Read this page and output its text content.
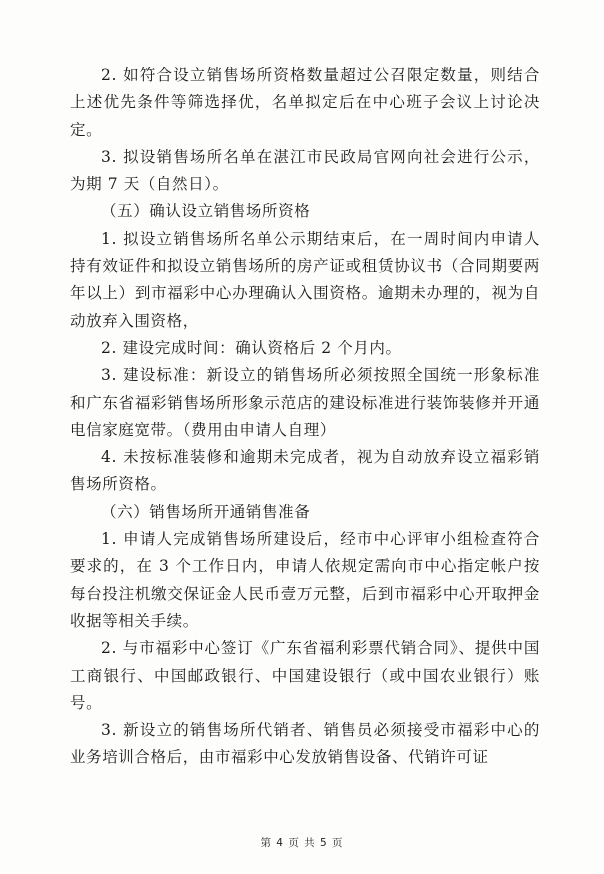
2. 如符合设立销售场所资格数量超过公召限定数量，则结合上述优先条件等筛选择优，名单拟定后在中心班子会议上讨论决定。

3. 拟设销售场所名单在湛江市民政局官网向社会进行公示，为期 7 天（自然日）。

（五）确认设立销售场所资格

1. 拟设立销售场所名单公示期结束后，在一周时间内申请人持有效证件和拟设立销售场所的房产证或租赁协议书（合同期要两年以上）到市福彩中心办理确认入围资格。逾期未办理的，视为自动放弃入围资格，

2. 建设完成时间：确认资格后 2 个月内。

3. 建设标准：新设立的销售场所必须按照全国统一形象标准和广东省福彩销售场所形象示范店的建设标准进行装饰装修并开通电信家庭宽带。（费用由申请人自理）

4. 未按标准装修和逾期未完成者，视为自动放弃设立福彩销售场所资格。

（六）销售场所开通销售准备

1. 申请人完成销售场所建设后，经市中心评审小组检查符合要求的，在 3 个工作日内，申请人依规定需向市中心指定帐户按每台投注机缴交保证金人民币壹万元整，后到市福彩中心开取押金收据等相关手续。

2. 与市福彩中心签订《广东省福利彩票代销合同》、提供中国工商银行、中国邮政银行、中国建设银行（或中国农业银行）账号。

3. 新设立的销售场所代销者、销售员必须接受市福彩中心的业务培训合格后，由市福彩中心发放销售设备、代销许可证

第 4 页 共 5 页
